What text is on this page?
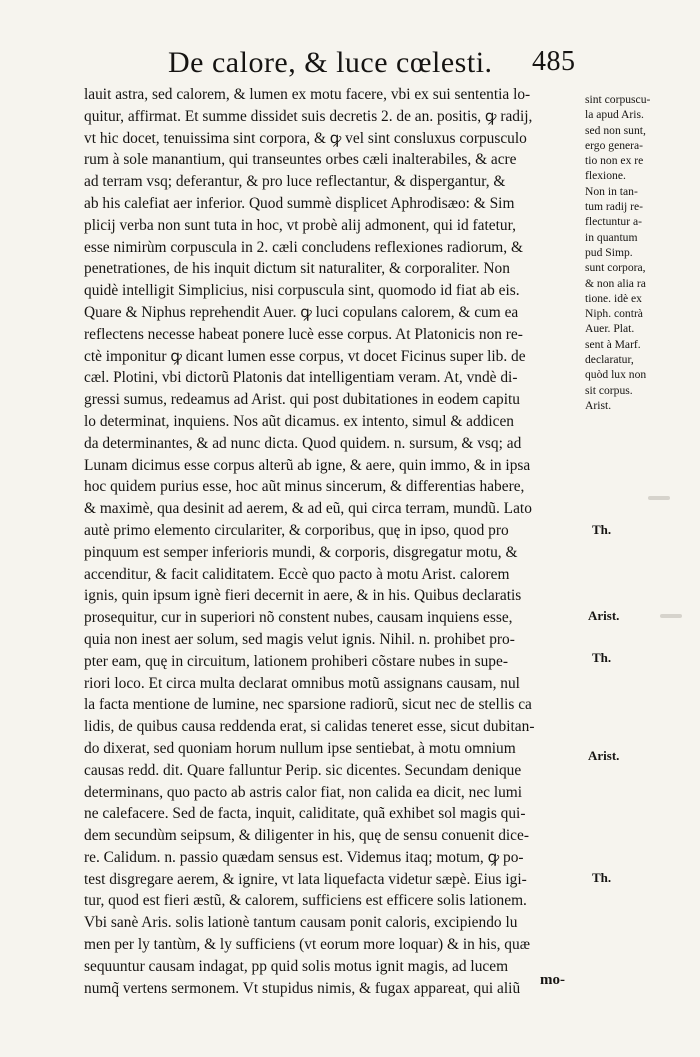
De calore, & luce cœlesti. 485
lauit astra, sed calorem, & lumen ex motu facere, vbi ex sui sententia lo-
quitur, affirmat. Et summe dissidet suis decretis 2. de an. positis, ꝙ radij,
vt hic docet, tenuissima sint corpora, & ꝙ vel sint consluxus corpusculo
rum à sole manantium, qui transeuntes orbes cæli inalterabiles, & acre
ad terram vsq; deferantur, & pro luce reflectantur, & dispergantur, &
ab his calefiat aer inferior. Quod summè displicet Aphrodisæo: & Sim
plicij verba non sunt tuta in hoc, vt probè alij admonent, qui id fatetur,
esse nimirùm corpuscula in 2. cæli concludens reflexiones radiorum, &
penetrationes, de his inquit dictum sit naturaliter, & corporaliter. Non
quidè intelligit Simplicius, nisi corpuscula sint, quomodo id fiat ab eis.
Quare & Niphus reprehendit Auer. ꝙ luci copulans calorem, & cum ea
reflectens necesse habeat ponere lucè esse corpus. At Platonicis non re-
ctè imponitur ꝙ dicant lumen esse corpus, vt docet Ficinus super lib. de
cæl. Plotini, vbi dictorũ Platonis dat intelligentiam veram. At, vndè di-
gressi sumus, redeamus ad Arist. qui post dubitationes in eodem capitu
lo determinat, inquiens. Nos aũt dicamus. ex intento, simul & addicen
da determinantes, & ad nunc dicta. Quod quidem. n. sursum, & vsq; ad
Lunam dicimus esse corpus alterũ ab igne, & aere, quin immo, & in ipsa
hoc quidem purius esse, hoc aũt minus sincerum, & differentias habere,
& maximè, qua desinit ad aerem, & ad eũ, qui circa terram, mundũ. Lato
autè primo elemento circulariter, & corporibus, quę in ipso, quod pro
pinquum est semper inferioris mundi, & corporis, disgregatur motu, &
accenditur, & facit caliditatem. Eccè quo pacto à motu Arist. calorem
ignis, quin ipsum ignè fieri decernit in aere, & in his. Quibus declaratis
prosequitur, cur in superiori nõ constent nubes, causam inquiens esse,
quia non inest aer solum, sed magis velut ignis. Nihil. n. prohibet pro-
pter eam, quę in circuitum, lationem prohiberi cõstare nubes in supe-
riori loco. Et circa multa declarat omnibus motũ assignans causam, nul
la facta mentione de lumine, nec sparsione radiorũ, sicut nec de stellis ca
lidis, de quibus causa reddenda erat, si calidas teneret esse, sicut dubitan-
do dixerat, sed quoniam horum nullum ipse sentiebat, à motu omnium
causas redd. dit. Quare falluntur Perip. sic dicentes. Secundam denique
determinans, quo pacto ab astris calor fiat, non calida ea dicit, nec lumi
ne calefacere. Sed de facta, inquit, caliditate, quã exhibet sol magis qui-
dem secundùm seipsum, & diligenter in his, quę de sensu conuenit dice-
re. Calidum. n. passio quædam sensus est. Videmus itaq; motum, ꝙ po-
test disgregare aerem, & ignire, vt lata liquefacta videtur sæpè. Eius igi-
tur, quod est fieri æstũ, & calorem, sufficiens est efficere solis lationem.
Vbi sanè Aris. solis lationè tantum causam ponit caloris, excipiendo lu
men per ly tantùm, & ly sufficiens (vt eorum more loquar) & in his, quæ
sequuntur causam indagat, pp quid solis motus ignit magis, ad lucem
numq̃ vertens sermonem. Vt stupidus nimis, & fugax appareat, qui aliũ
sint corpuscu-
la apud Aris.
sed non sunt,
ergo genera-
tio non ex re
flexione.
Non in tan-
tum radij re-
flectuntur a-
in quantum
pud Simp.
sunt corpora,
& non alia ra
tione. idè ex
Niph. contrà
Auer. Plat.
sent à Marf.
declaratur,
quòd lux non
sit corpus.
Arist.
Th.
Arist.
Th.
Arist.
Th.
mo-
